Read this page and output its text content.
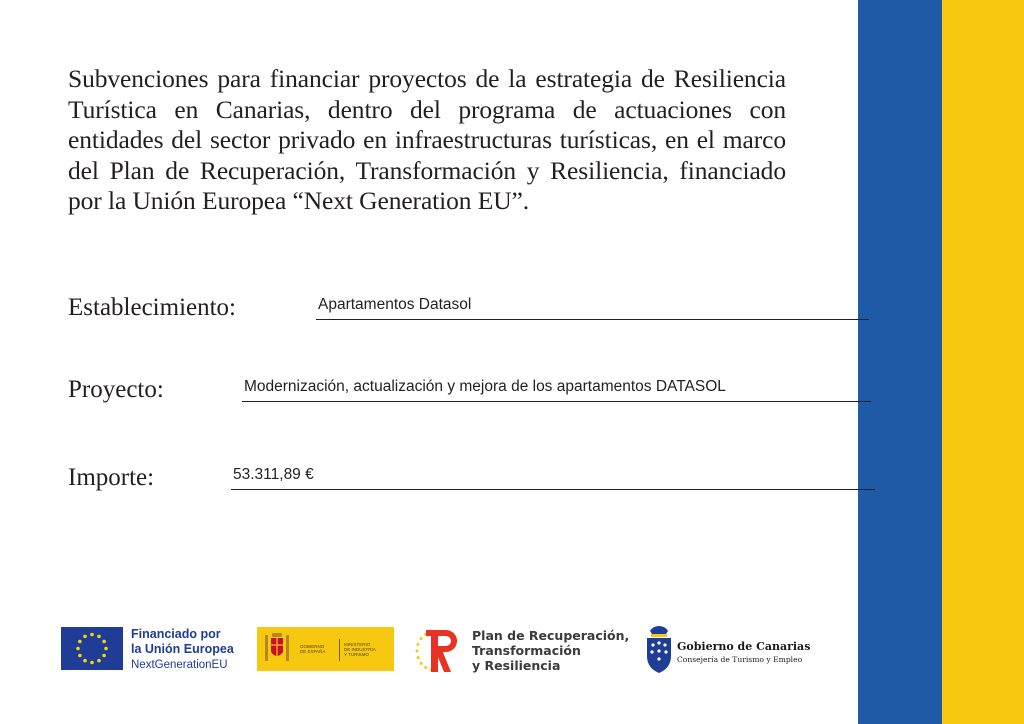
Subvenciones para financiar proyectos de la estrategia de Resiliencia Turística en Canarias, dentro del programa de actuaciones con entidades del sector privado en infraestructuras turísticas, en el marco del Plan de Recuperación, Transformación y Resiliencia, financiado por la Unión Europea “Next Generation EU”.
Establecimiento:	Apartamentos Datasol
Proyecto:	Modernización, actualización y mejora de los apartamentos DATASOL
Importe:	53.311,89 €
Financiado por
la Unión Europea
NextGenerationEU
GOBIERNO
DE ESPAÑA
MINISTERIO
DE INDUSTRIA
Y TURISMO
Plan de Recuperación,
Transformación
y Resiliencia
Gobierno de Canarias
Consejería de Turismo y Empleo
